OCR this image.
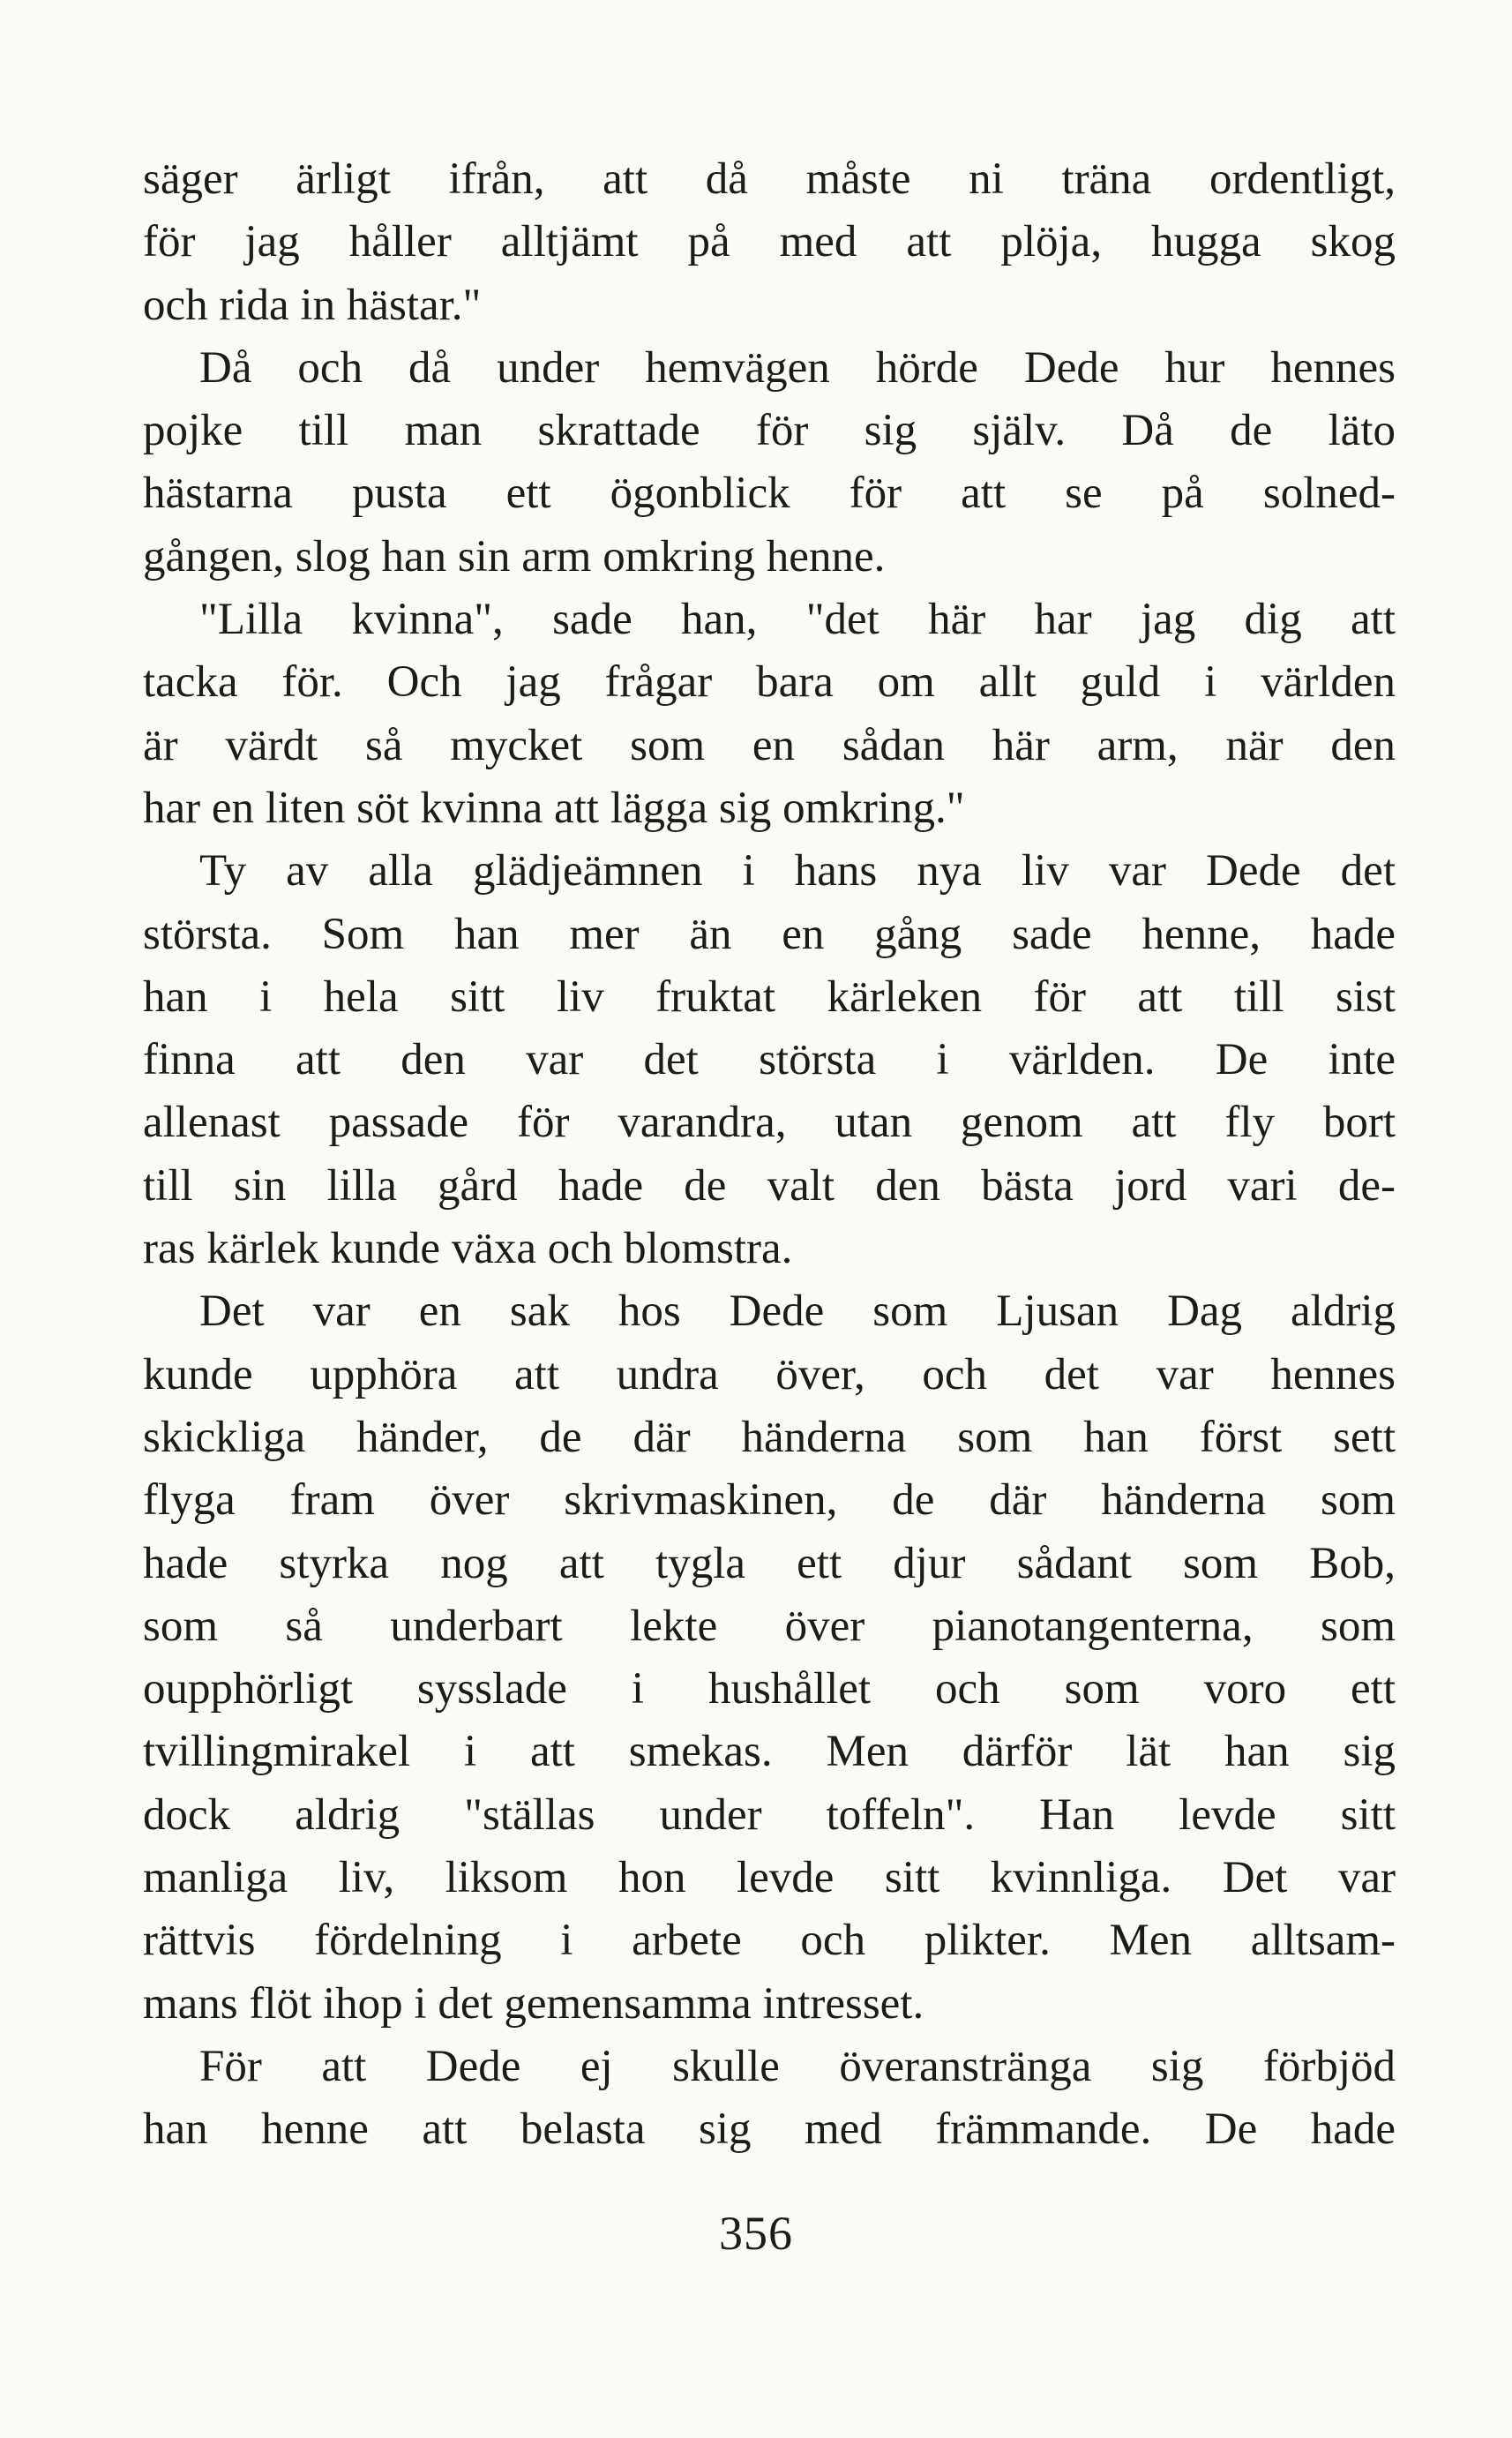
säger ärligt ifrån, att då måste ni träna ordentligt,
för jag håller alltjämt på med att plöja, hugga skog
och rida in hästar."
Då och då under hemvägen hörde Dede hur hennes
pojke till man skrattade för sig själv. Då de läto
hästarna pusta ett ögonblick för att se på solned-
gången, slog han sin arm omkring henne.
"Lilla kvinna", sade han, "det här har jag dig att
tacka för. Och jag frågar bara om allt guld i världen
är värdt så mycket som en sådan här arm, när den
har en liten söt kvinna att lägga sig omkring."
Ty av alla glädjeämnen i hans nya liv var Dede det
största. Som han mer än en gång sade henne, hade
han i hela sitt liv fruktat kärleken för att till sist
finna att den var det största i världen. De inte
allenast passade för varandra, utan genom att fly bort
till sin lilla gård hade de valt den bästa jord vari de-
ras kärlek kunde växa och blomstra.
Det var en sak hos Dede som Ljusan Dag aldrig
kunde upphöra att undra över, och det var hennes
skickliga händer, de där händerna som han först sett
flyga fram över skrivmaskinen, de där händerna som
hade styrka nog att tygla ett djur sådant som Bob,
som så underbart lekte över pianotangenterna, som
oupphörligt sysslade i hushållet och som voro ett
tvillingmirakel i att smekas. Men därför lät han sig
dock aldrig "ställas under toffeln". Han levde sitt
manliga liv, liksom hon levde sitt kvinnliga. Det var
rättvis fördelning i arbete och plikter. Men alltsam-
mans flöt ihop i det gemensamma intresset.
För att Dede ej skulle överanstränga sig förbjöd
han henne att belasta sig med främmande. De hade
356
